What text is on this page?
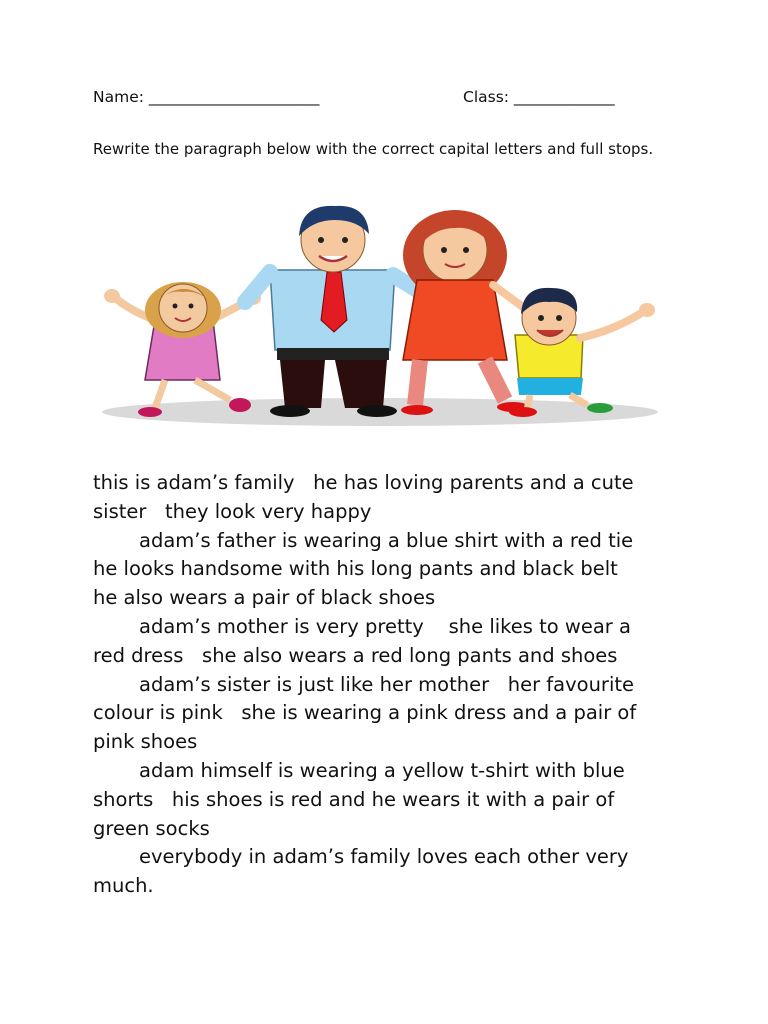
Name: ______________________	Class: _____________
Rewrite the paragraph below with the correct capital letters and full stops.
this is adam’s family   he has loving parents and a cute
sister   they look very happy
adam’s father is wearing a blue shirt with a red tie
he looks handsome with his long pants and black belt
he also wears a pair of black shoes
adam’s mother is very pretty    she likes to wear a
red dress   she also wears a red long pants and shoes
adam’s sister is just like her mother   her favourite
colour is pink   she is wearing a pink dress and a pair of
pink shoes
adam himself is wearing a yellow t-shirt with blue
shorts   his shoes is red and he wears it with a pair of
green socks
everybody in adam’s family loves each other very
much.
